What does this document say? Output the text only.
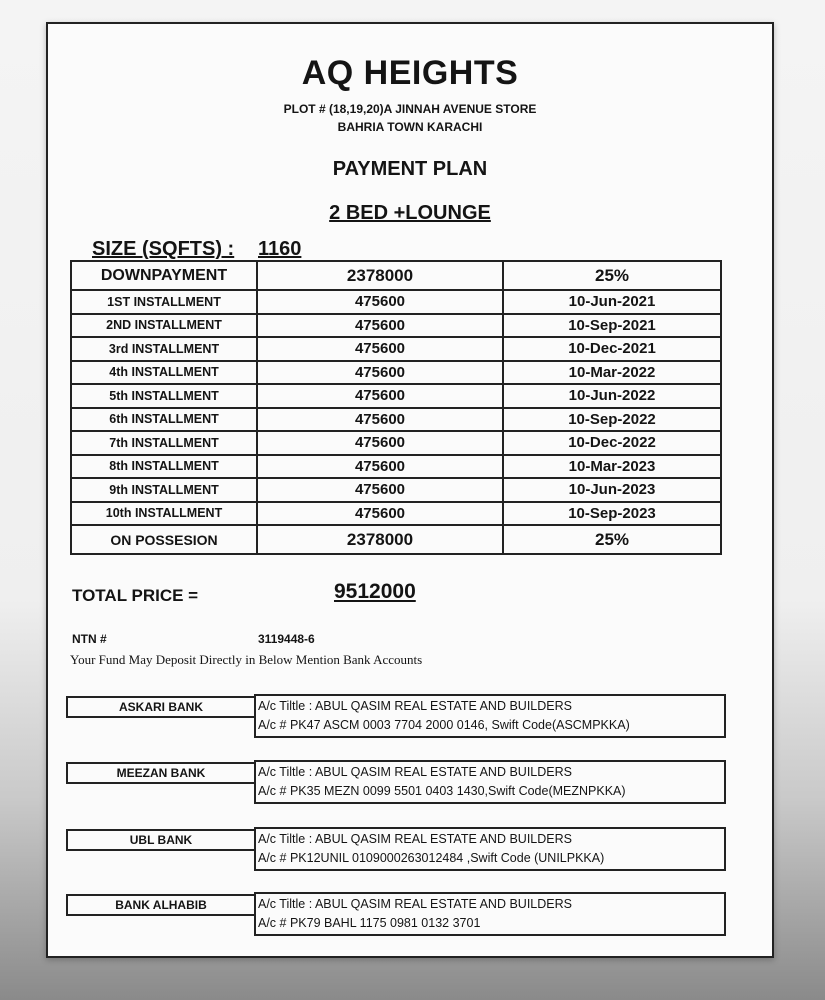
AQ HEIGHTS
PLOT # (18,19,20)A JINNAH AVENUE STORE
BAHRIA TOWN KARACHI
PAYMENT PLAN
2 BED +LOUNGE
SIZE (SQFTS) : 1160
DOWNPAYMENT	2378000	25%
1ST INSTALLMENT	475600	10-Jun-2021
2ND INSTALLMENT	475600	10-Sep-2021
3rd INSTALLMENT	475600	10-Dec-2021
4th INSTALLMENT	475600	10-Mar-2022
5th INSTALLMENT	475600	10-Jun-2022
6th INSTALLMENT	475600	10-Sep-2022
7th INSTALLMENT	475600	10-Dec-2022
8th INSTALLMENT	475600	10-Mar-2023
9th INSTALLMENT	475600	10-Jun-2023
10th INSTALLMENT	475600	10-Sep-2023
ON POSSESION	2378000	25%
TOTAL PRICE =	9512000
NTN #	3119448-6
Your Fund May Deposit Directly in Below Mention Bank Accounts
ASKARI BANK	A/c Tiltle : ABUL QASIM REAL ESTATE AND BUILDERS
A/c # PK47 ASCM 0003 7704 2000 0146, Swift Code(ASCMPKKA)
MEEZAN BANK	A/c Tiltle : ABUL QASIM REAL ESTATE AND BUILDERS
A/c # PK35 MEZN 0099 5501 0403 1430,Swift Code(MEZNPKKA)
UBL BANK	A/c Tiltle : ABUL QASIM REAL ESTATE AND BUILDERS
A/c # PK12UNIL 0109000263012484 ,Swift Code (UNILPKKA)
BANK ALHABIB	A/c Tiltle : ABUL QASIM REAL ESTATE AND BUILDERS
A/c # PK79 BAHL 1175 0981 0132 3701
